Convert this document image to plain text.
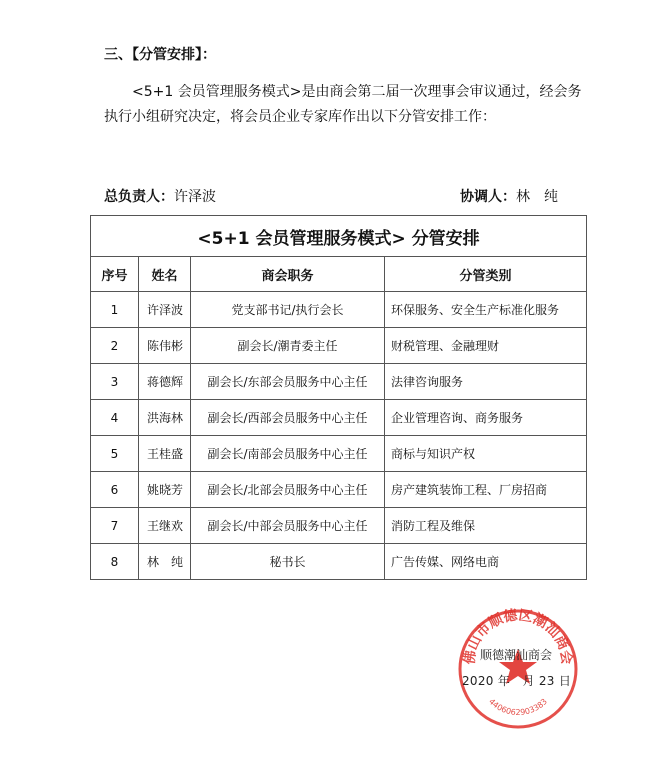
三、【分管安排】：

<5+1 会员管理服务模式>是由商会第二届一次理事会审议通过，经会务执行小组研究决定，将会员企业专家库作出以下分管安排工作：

总负责人：许泽波	协调人：林　纯
<5+1 会员管理服务模式> 分管安排			
序号	姓名	商会职务	分管类别
1	许泽波	党支部书记/执行会长	环保服务、安全生产标准化服务
2	陈伟彬	副会长/潮青委主任	财税管理、金融理财
3	蒋德辉	副会长/东部会员服务中心主任	法律咨询服务
4	洪海林	副会长/西部会员服务中心主任	企业管理咨询、商务服务
5	王桂盛	副会长/南部会员服务中心主任	商标与知识产权
6	姚晓芳	副会长/北部会员服务中心主任	房产建筑装饰工程、厂房招商
7	王继欢	副会长/中部会员服务中心主任	消防工程及维保
8	林　纯	秘书长	广告传媒、网络电商
佛山市顺德区潮汕商会
4406062903383
顺德潮汕商会
2020 年　月 23 日
